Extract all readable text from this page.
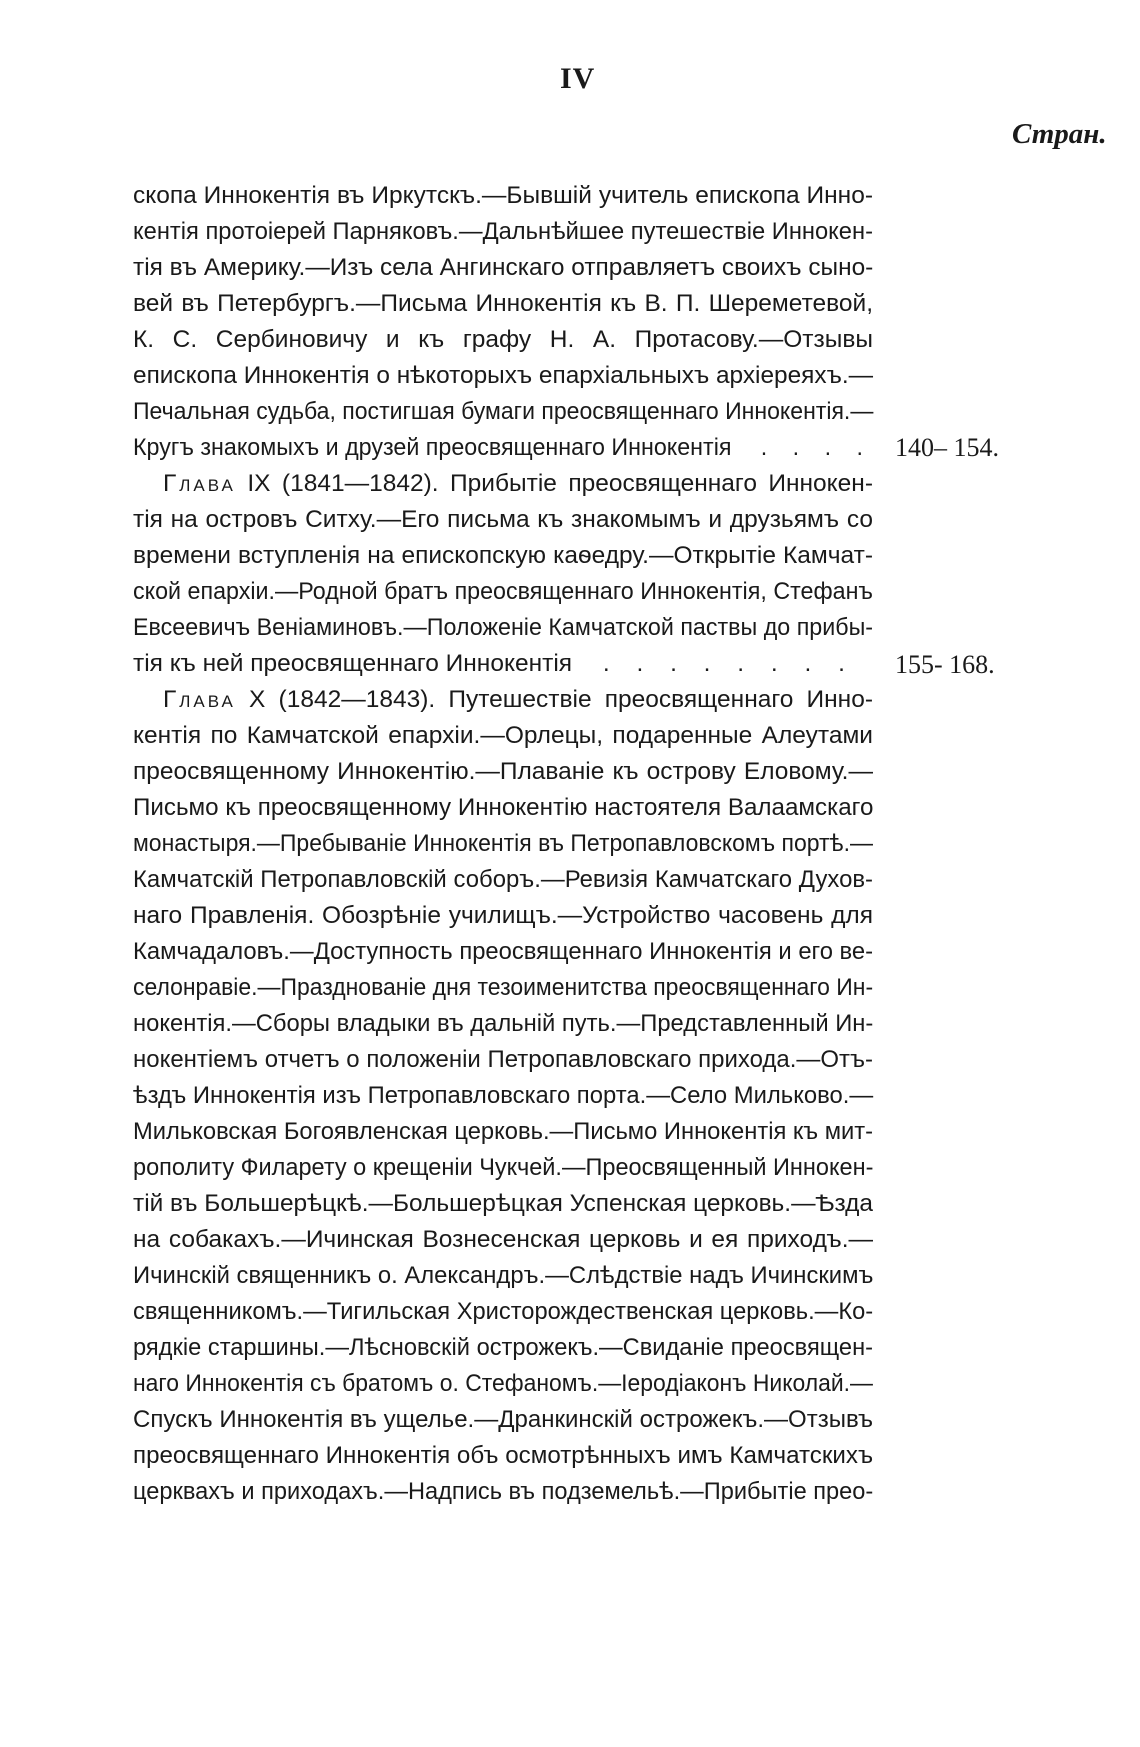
IV
Стран.
скопа Иннокентія въ Иркутскъ.—Бывшій учитель епископа Инно-
кентія протоіерей Парняковъ.—Дальнѣйшее путешествіе Иннокен-
тія въ Америку.—Изъ села Ангинскаго отправляетъ своихъ сыно-
вей въ Петербургъ.—Письма Иннокентія къ В. П. Шереметевой,
К. С. Сербиновичу и къ графу Н. А. Протасову.—Отзывы
епископа Иннокентія о нѣкоторыхъ епархіальныхъ архіереяхъ.—
Печальная судьба, постигшая бумаги преосвященнаго Иннокентія.—
Кругъ знакомыхъ и друзей преосвященнаго Иннокентія . . . .
Глава IX (1841—1842). Прибытіе преосвященнаго Иннокен-
тія на островъ Ситху.—Его письма къ знакомымъ и друзьямъ со
времени вступленія на епископскую каѳедру.—Открытіе Камчат-
ской епархіи.—Родной братъ преосвященнаго Иннокентія, Стефанъ
Евсеевичъ Веніаминовъ.—Положеніе Камчатской паствы до прибы-
тія къ ней преосвященнаго Иннокентія . . . . . . . .
Глава X (1842—1843). Путешествіе преосвященнаго Инно-
кентія по Камчатской епархіи.—Орлецы, подаренные Алеутами
преосвященному Иннокентію.—Плаваніе къ острову Еловому.—
Письмо къ преосвященному Иннокентію настоятеля Валаамскаго
монастыря.—Пребываніе Иннокентія въ Петропавловскомъ портѣ.—
Камчатскій Петропавловскій соборъ.—Ревизія Камчатскаго Духов-
наго Правленія. Обозрѣніе училищъ.—Устройство часовень для
Камчадаловъ.—Доступность преосвященнаго Иннокентія и его ве-
селонравіе.—Празднованіе дня тезоименитства преосвященнаго Ин-
нокентія.—Сборы владыки въ дальній путь.—Представленный Ин-
нокентіемъ отчетъ о положеніи Петропавловскаго прихода.—Отъ-
ѣздъ Иннокентія изъ Петропавловскаго порта.—Село Мильково.—
Мильковская Богоявленская церковь.—Письмо Иннокентія къ мит-
рополиту Филарету о крещеніи Чукчей.—Преосвященный Иннокен-
тій въ Большерѣцкѣ.—Большерѣцкая Успенская церковь.—Ѣзда
на собакахъ.—Ичинская Вознесенская церковь и ея приходъ.—
Ичинскій священникъ о. Александръ.—Слѣдствіе надъ Ичинскимъ
священникомъ.—Тигильская Христорождественская церковь.—Ко-
рядкіе старшины.—Лѣсновскій острожекъ.—Свиданіе преосвящен-
наго Иннокентія съ братомъ о. Стефаномъ.—Іеродіаконъ Николай.—
Спускъ Иннокентія въ ущелье.—Дранкинскій острожекъ.—Отзывъ
преосвященнаго Иннокентія объ осмотрѣнныхъ имъ Камчатскихъ
церквахъ и приходахъ.—Надпись въ подземельѣ.—Прибытіе прео-
140– 154.
155- 168.
